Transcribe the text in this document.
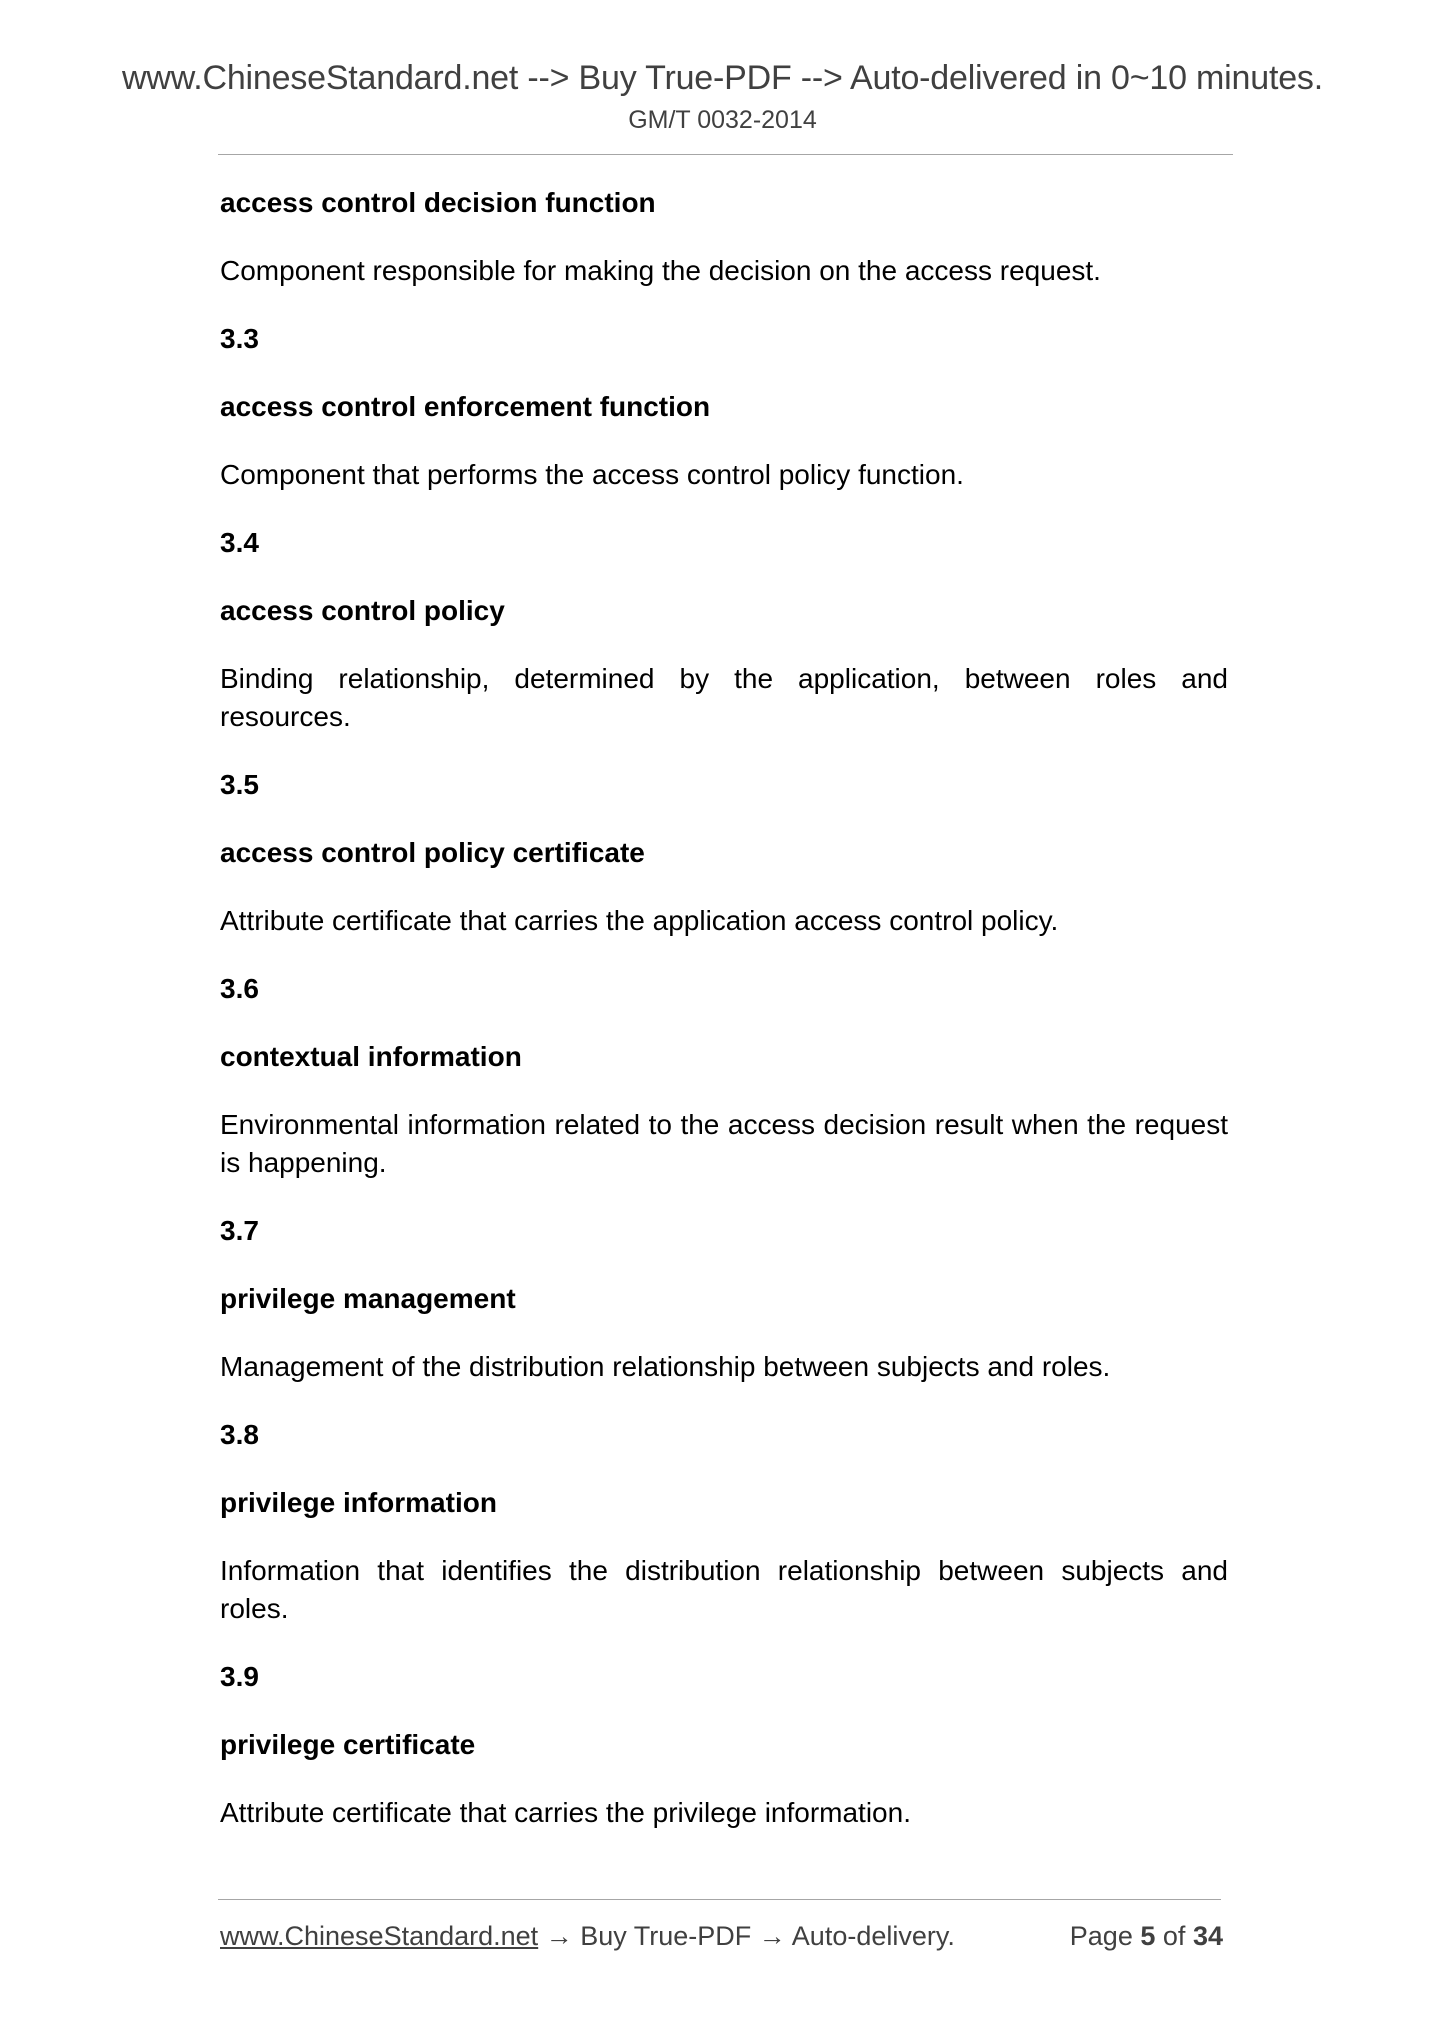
www.ChineseStandard.net --> Buy True-PDF --> Auto-delivered in 0~10 minutes.
GM/T 0032-2014
access control decision function
Component responsible for making the decision on the access request.
3.3
access control enforcement function
Component that performs the access control policy function.
3.4
access control policy
Binding relationship, determined by the application, between roles and resources.
3.5
access control policy certificate
Attribute certificate that carries the application access control policy.
3.6
contextual information
Environmental information related to the access decision result when the request is happening.
3.7
privilege management
Management of the distribution relationship between subjects and roles.
3.8
privilege information
Information that identifies the distribution relationship between subjects and roles.
3.9
privilege certificate
Attribute certificate that carries the privilege information.
www.ChineseStandard.net → Buy True-PDF → Auto-delivery.	Page 5 of 34
